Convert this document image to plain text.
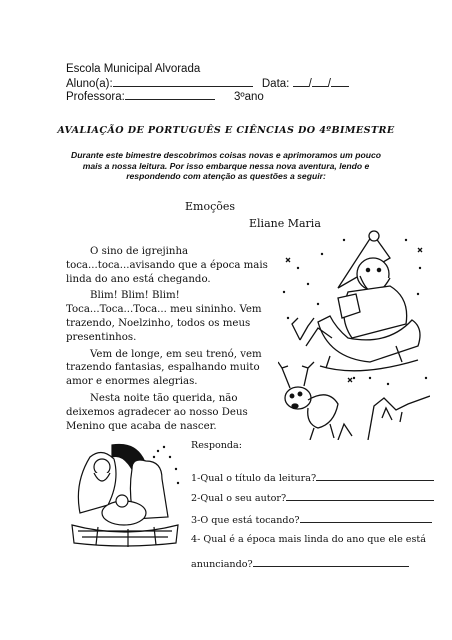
Escola Municipal Alvorada
Aluno(a):	Data: / /
Professora:	3ºano
AVALIAÇÃO DE PORTUGUÊS E CIÊNCIAS DO 4ºBIMESTRE
Durante este bimestre descobrimos coisas novas e aprimoramos um pouco mais a nossa leitura. Por isso embarque nessa nova aventura, lendo e respondendo com atenção as questões a seguir:
Emoções
Eliane Maria

O sino de igrejinha toca...toca...avisando que a época mais linda do ano está chegando.

Blim! Blim! Blim! Toca...Toca...Toca... meu sininho. Vem trazendo, Noelzinho, todos os meus presentinhos.

Vem de longe, em seu trenó, vem trazendo fantasias, espalhando muito amor e enormes alegrias.

Nesta noite tão querida, não deixemos agradecer ao nosso Deus Menino que acaba de nascer.

Responda:
1-Qual o título da leitura?
2-Qual o seu autor?
3-O que está tocando?
4- Qual é a época mais linda do ano que ele está
anunciando?
